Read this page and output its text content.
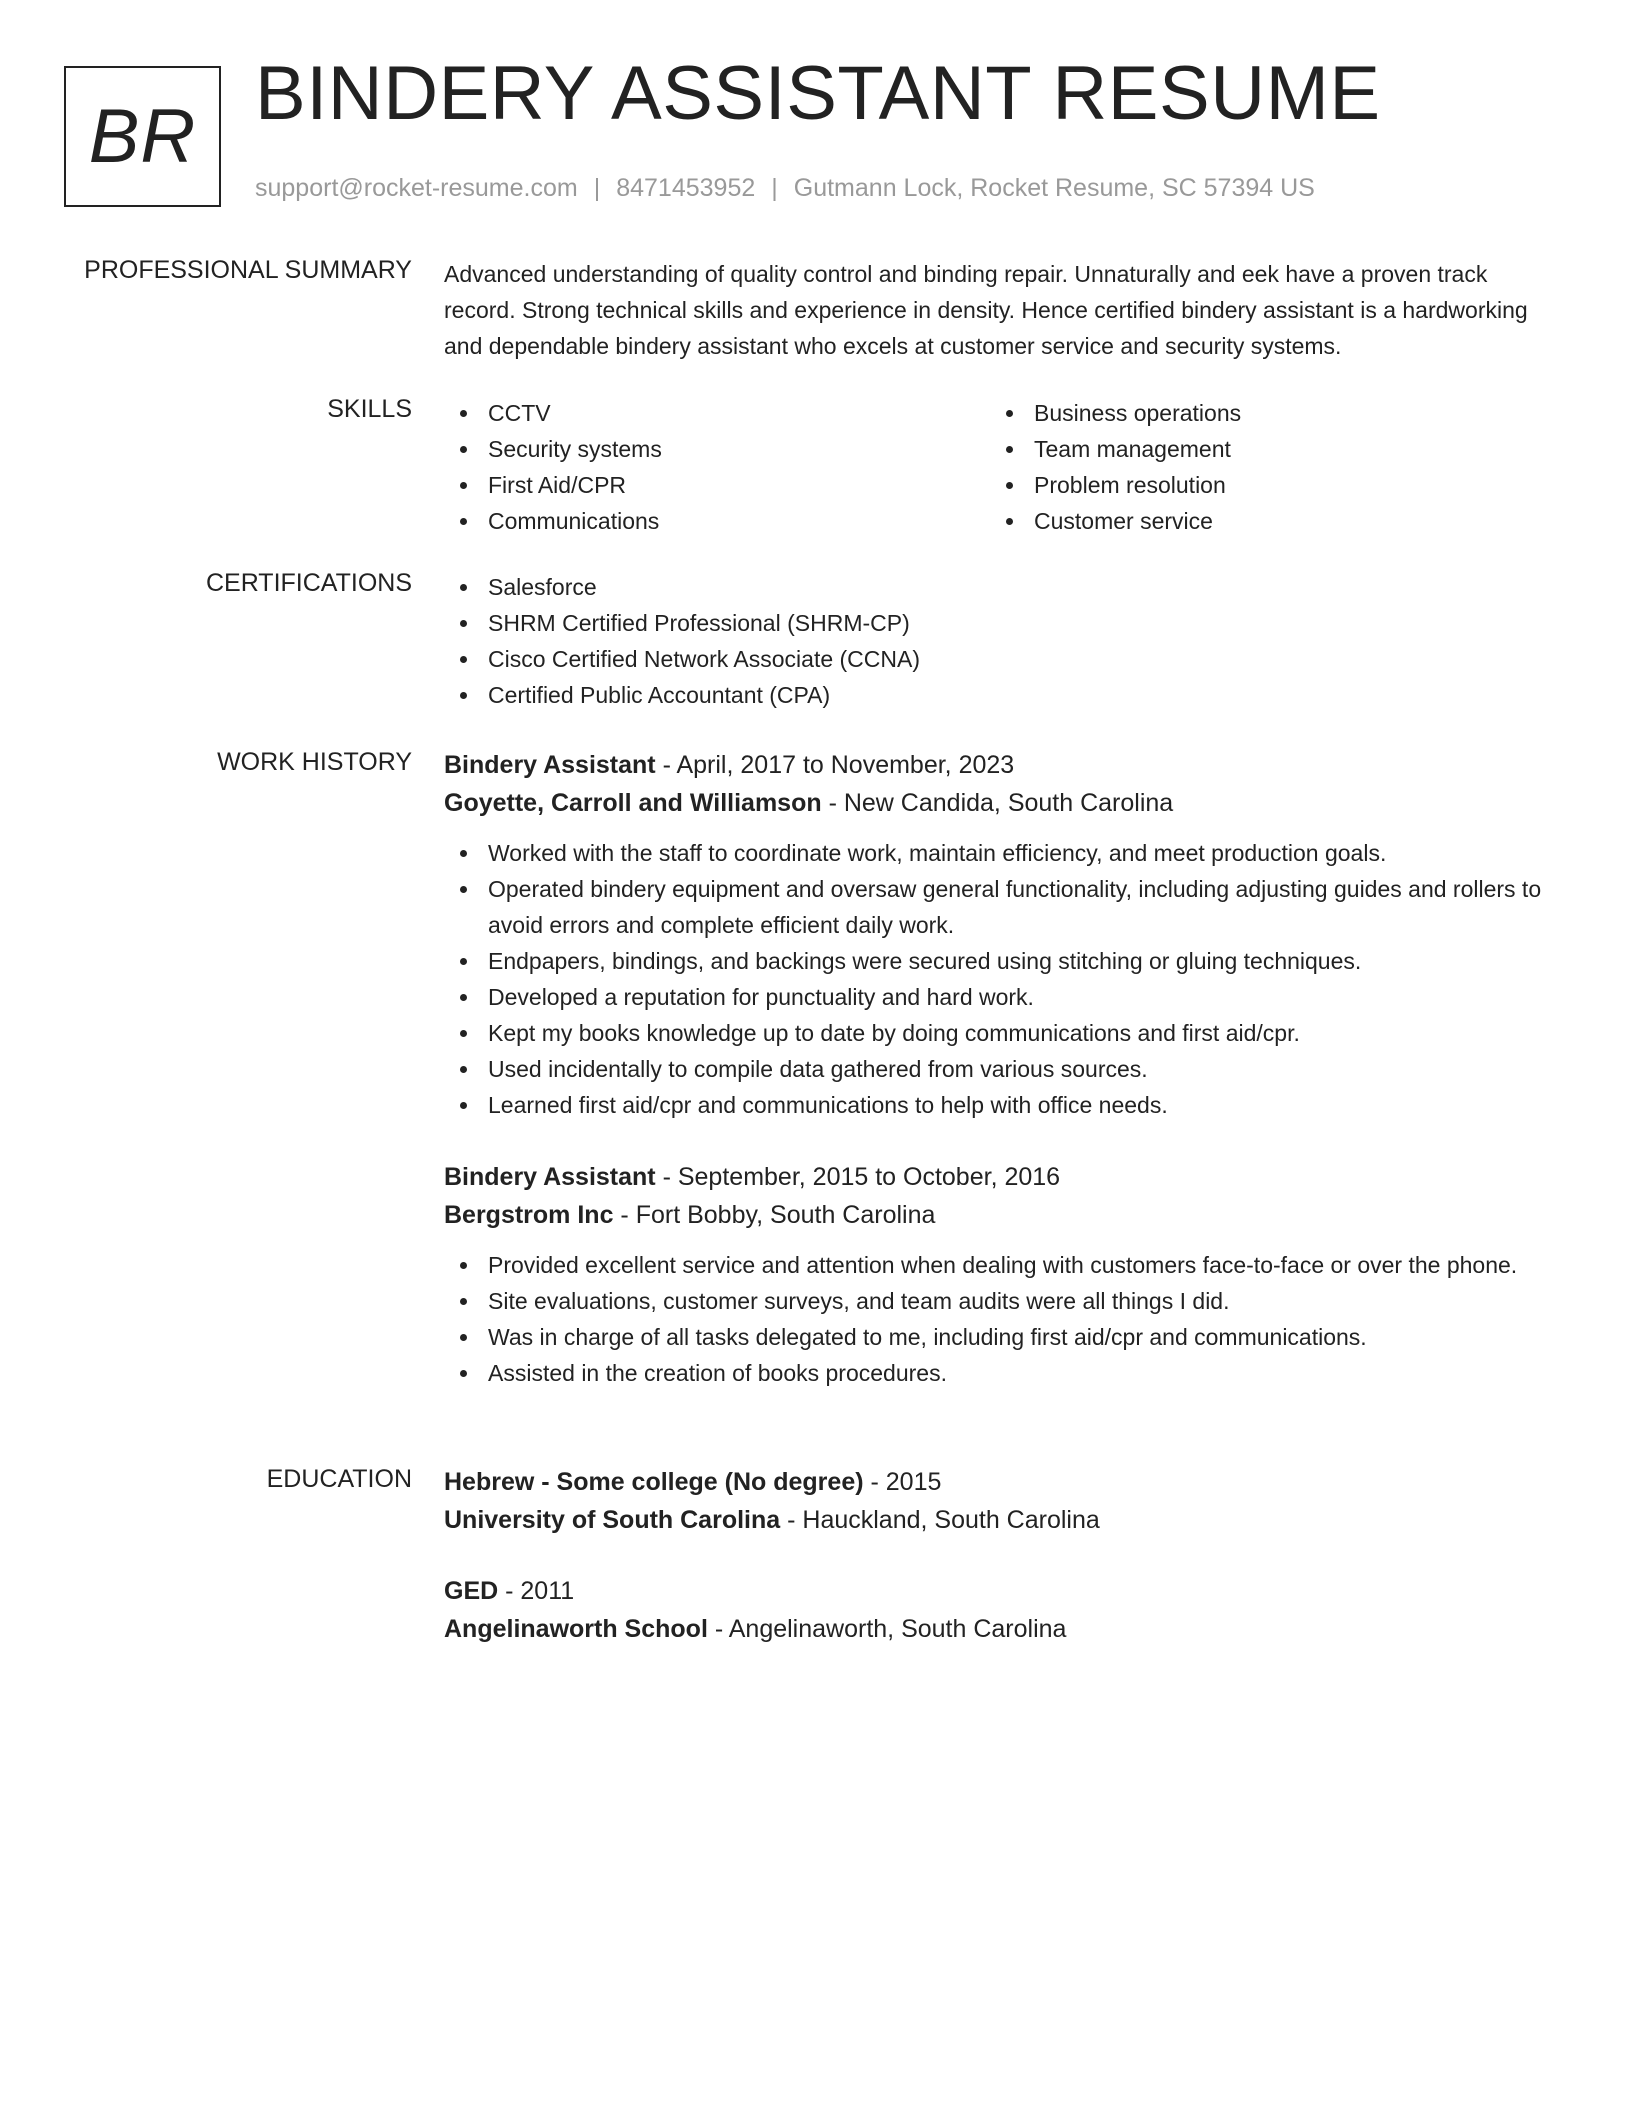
BR
BINDERY ASSISTANT RESUME
support@rocket-resume.com | 8471453952 | Gutmann Lock, Rocket Resume, SC 57394 US
PROFESSIONAL SUMMARY Advanced understanding of quality control and binding repair. Unnaturally and eek have a proven track record. Strong technical skills and experience in density. Hence certified bindery assistant is a hardworking and dependable bindery assistant who excels at customer service and security systems.

SKILLS	CCTV
Security systems
First Aid/CPR
Communications
Business operations
Team management
Problem resolution
Customer service
CERTIFICATIONS	Salesforce
SHRM Certified Professional (SHRM-CP)
Cisco Certified Network Associate (CCNA)
Certified Public Accountant (CPA)
WORK HISTORY Bindery Assistant - April, 2017 to November, 2023
Goyette, Carroll and Williamson - New Candida, South Carolina
Worked with the staff to coordinate work, maintain efficiency, and meet production goals.
Operated bindery equipment and oversaw general functionality, including adjusting guides and rollers to avoid errors and complete efficient daily work.
Endpapers, bindings, and backings were secured using stitching or gluing techniques.
Developed a reputation for punctuality and hard work.
Kept my books knowledge up to date by doing communications and first aid/cpr.
Used incidentally to compile data gathered from various sources.
Learned first aid/cpr and communications to help with office needs.
Bindery Assistant - September, 2015 to October, 2016
Bergstrom Inc - Fort Bobby, South Carolina
Provided excellent service and attention when dealing with customers face-to-face or over the phone.
Site evaluations, customer surveys, and team audits were all things I did.
Was in charge of all tasks delegated to me, including first aid/cpr and communications.
Assisted in the creation of books procedures.
EDUCATION Hebrew - Some college (No degree) - 2015
University of South Carolina - Hauckland, South Carolina
GED - 2011
Angelinaworth School - Angelinaworth, South Carolina
